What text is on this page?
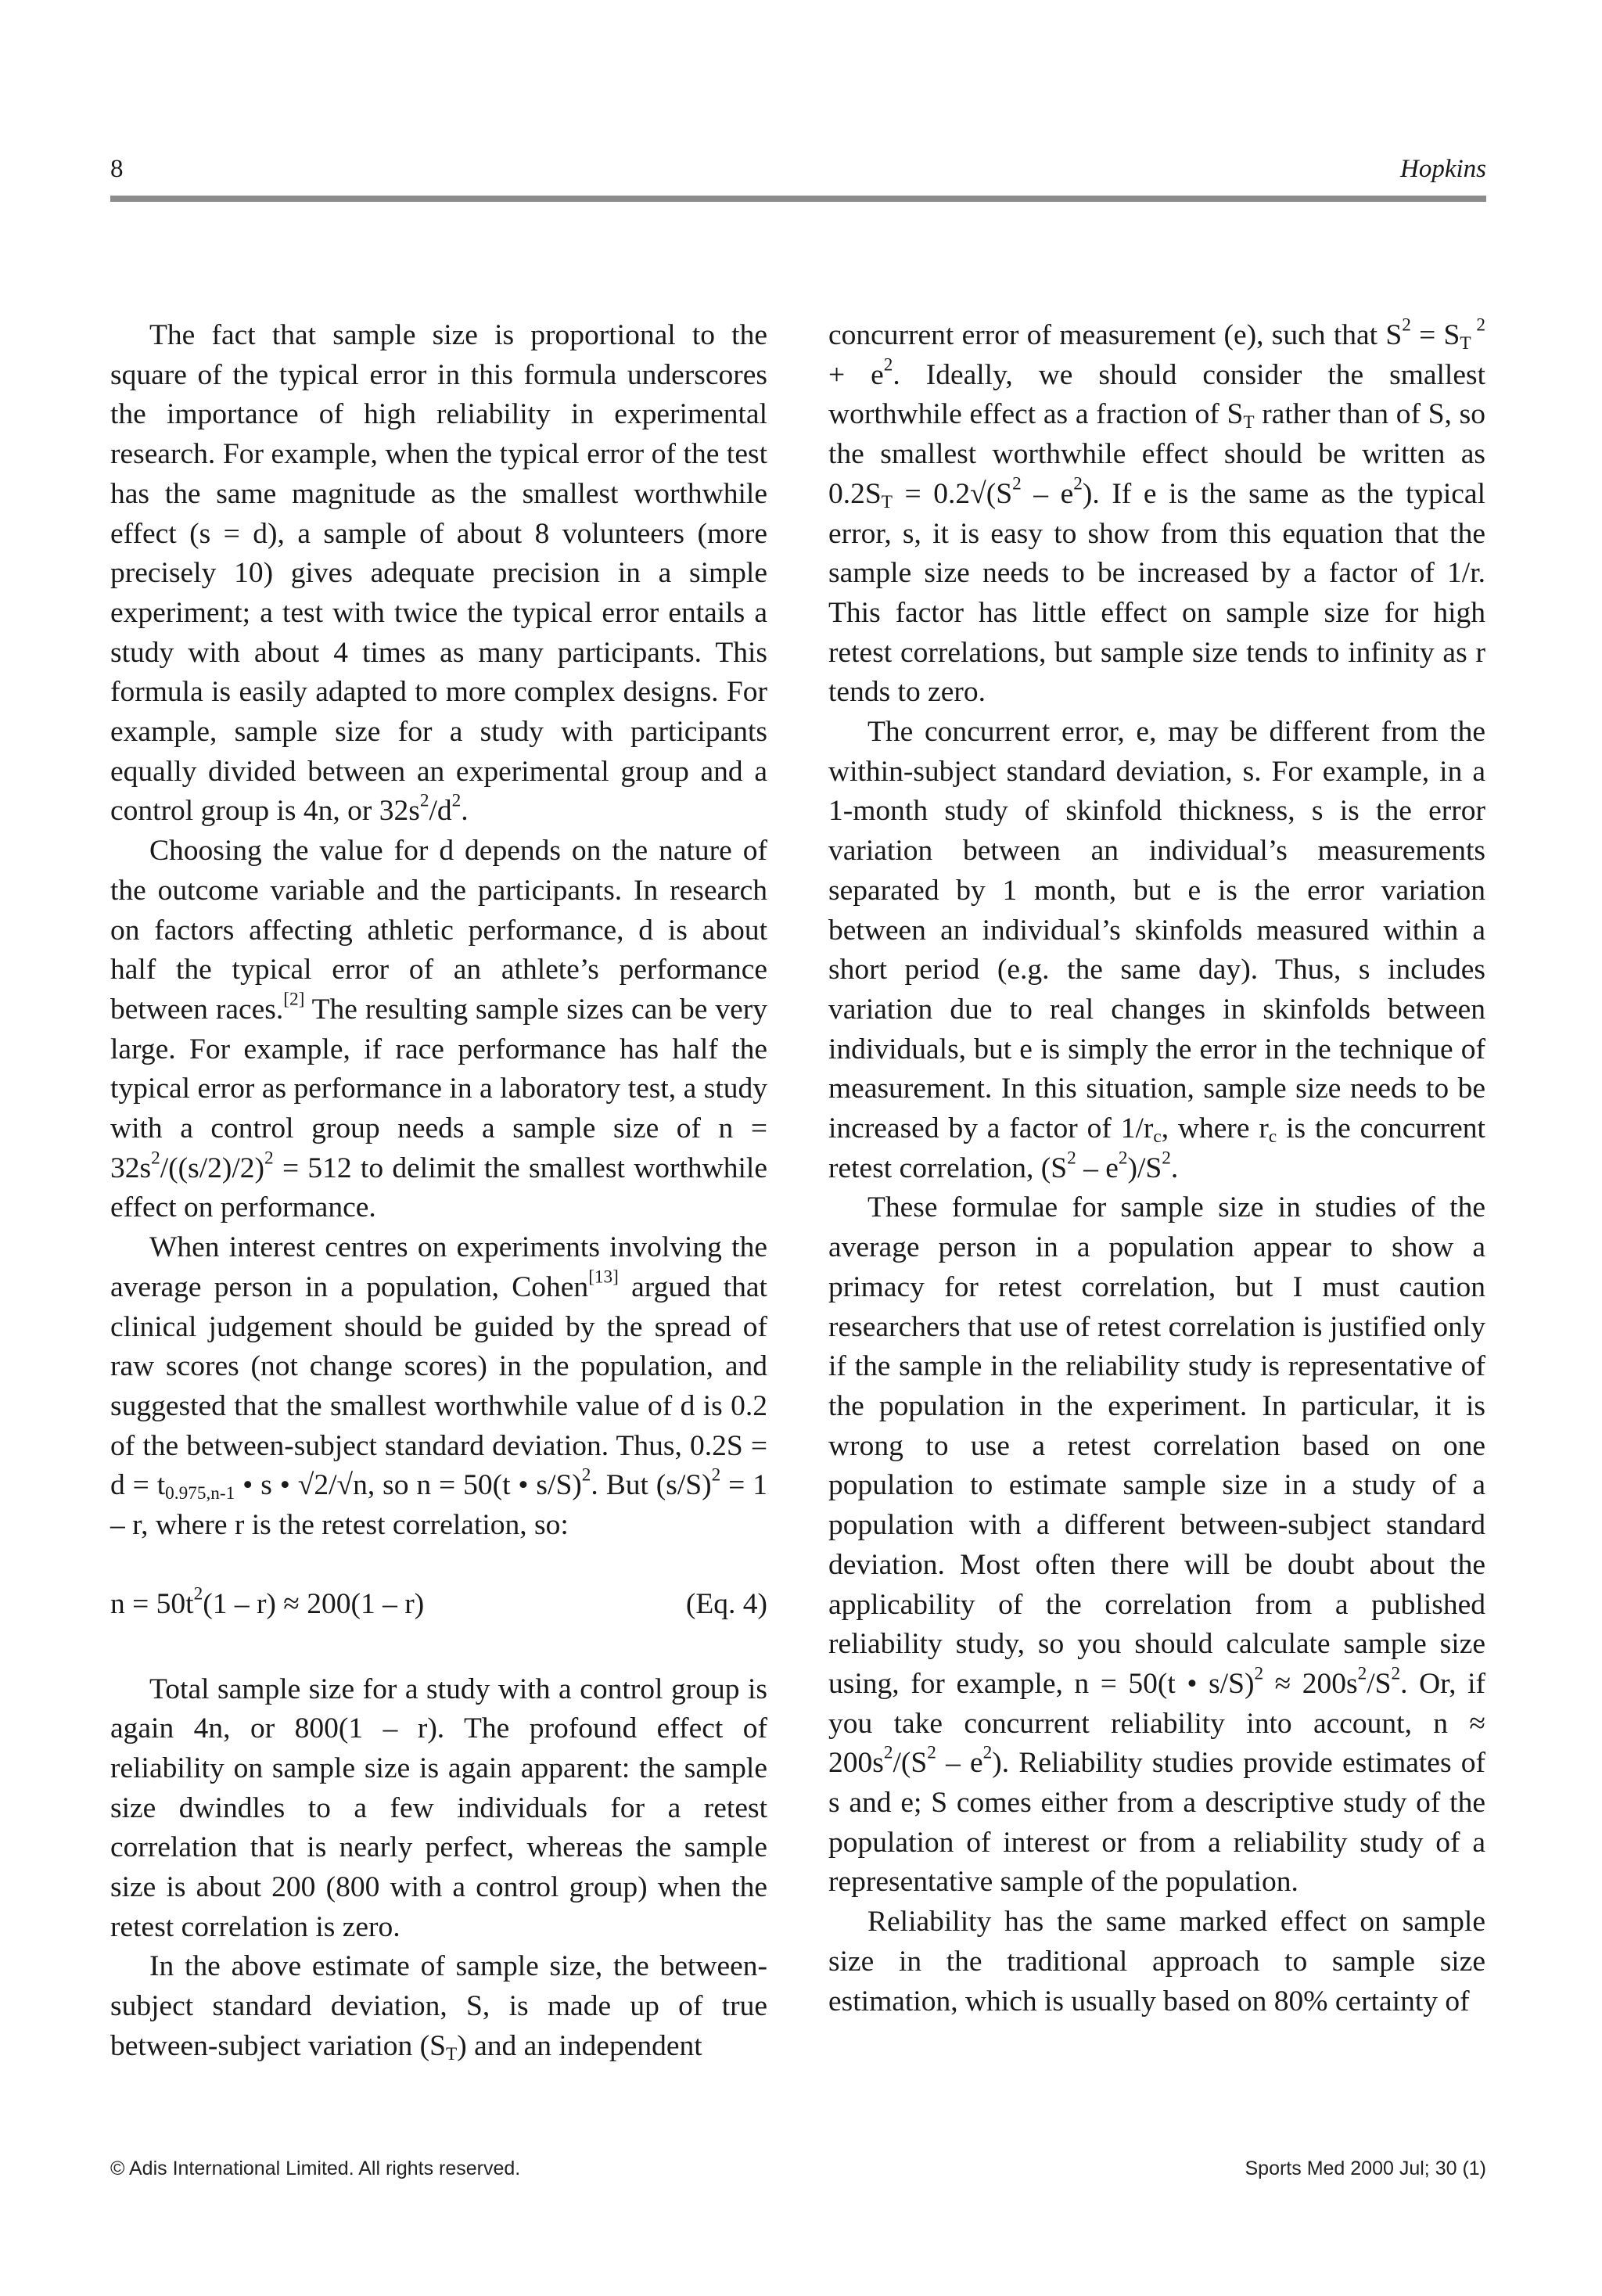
8	Hopkins

The fact that sample size is proportional to the square of the typical error in this formula underscores the importance of high reliability in experimental research. For example, when the typical error of the test has the same magnitude as the smallest worthwhile effect (s = d), a sample of about 8 volunteers (more precisely 10) gives adequate precision in a simple experiment; a test with twice the typical error entails a study with about 4 times as many participants. This formula is easily adapted to more complex designs. For example, sample size for a study with participants equally divided between an experimental group and a control group is 4n, or $32s^2/d^2$.

Choosing the value for d depends on the nature of the outcome variable and the participants. In research on factors affecting athletic performance, d is about half the typical error of an athlete’s performance between races.[2] The resulting sample sizes can be very large. For example, if race performance has half the typical error as performance in a laboratory test, a study with a control group needs a sample size of $n = 32s^2/((s/2)/2)^2 = 512$ to delimit the smallest worthwhile effect on performance.

When interest centres on experiments involving the average person in a population, Cohen[13] argued that clinical judgement should be guided by the spread of raw scores (not change scores) in the population, and suggested that the smallest worthwhile value of d is 0.2 of the between-subject standard deviation. Thus, $0.2S = d = t_{0.975,n-1}$ • s • √2/√n, so n = 50(t • s/S)$^2$. But $(s/S)^2 = 1 - r$, where r is the retest correlation, so:

$n = 50t^2(1 - r) \approx 200(1 - r)$	(Eq. 4)

Total sample size for a study with a control group is again 4n, or 800(1 – r). The profound effect of reliability on sample size is again apparent: the sample size dwindles to a few individuals for a retest correlation that is nearly perfect, whereas the sample size is about 200 (800 with a control group) when the retest correlation is zero.

In the above estimate of sample size, the between-subject standard deviation, S, is made up of true between-subject variation $(S_T)$ and an independent

concurrent error of measurement (e), such that $S^2 = S_T$ $^2 + e^2$. Ideally, we should consider the smallest worthwhile effect as a fraction of $S_T$ rather than of S, so the smallest worthwhile effect should be written as $0.2S_T = 0.2√(S^2 - e^2)$. If e is the same as the typical error, s, it is easy to show from this equation that the sample size needs to be increased by a factor of 1/r. This factor has little effect on sample size for high retest correlations, but sample size tends to infinity as r tends to zero.

The concurrent error, e, may be different from the within-subject standard deviation, s. For example, in a 1-month study of skinfold thickness, s is the error variation between an individual’s measurements separated by 1 month, but e is the error variation between an individual’s skinfolds measured within a short period (e.g. the same day). Thus, s includes variation due to real changes in skinfolds between individuals, but e is simply the error in the technique of measurement. In this situation, sample size needs to be increased by a factor of $1/r_c$, where $r_c$ is the concurrent retest correlation, $(S^2 - e^2)/S^2$.

These formulae for sample size in studies of the average person in a population appear to show a primacy for retest correlation, but I must caution researchers that use of retest correlation is justified only if the sample in the reliability study is representative of the population in the experiment. In particular, it is wrong to use a retest correlation based on one population to estimate sample size in a study of a population with a different between-subject standard deviation. Most often there will be doubt about the applicability of the correlation from a published reliability study, so you should calculate sample size using, for example, n = 50(t • $s/S)^2 \approx 200s^2/S^2$. Or, if you take concurrent reliability into account, $n \approx 200s^2/(S^2 - e^2)$. Reliability studies provide estimates of s and e; S comes either from a descriptive study of the population of interest or from a reliability study of a representative sample of the population.

Reliability has the same marked effect on sample size in the traditional approach to sample size estimation, which is usually based on 80% certainty of

© Adis International Limited. All rights reserved.	Sports Med 2000 Jul; 30 (1)
